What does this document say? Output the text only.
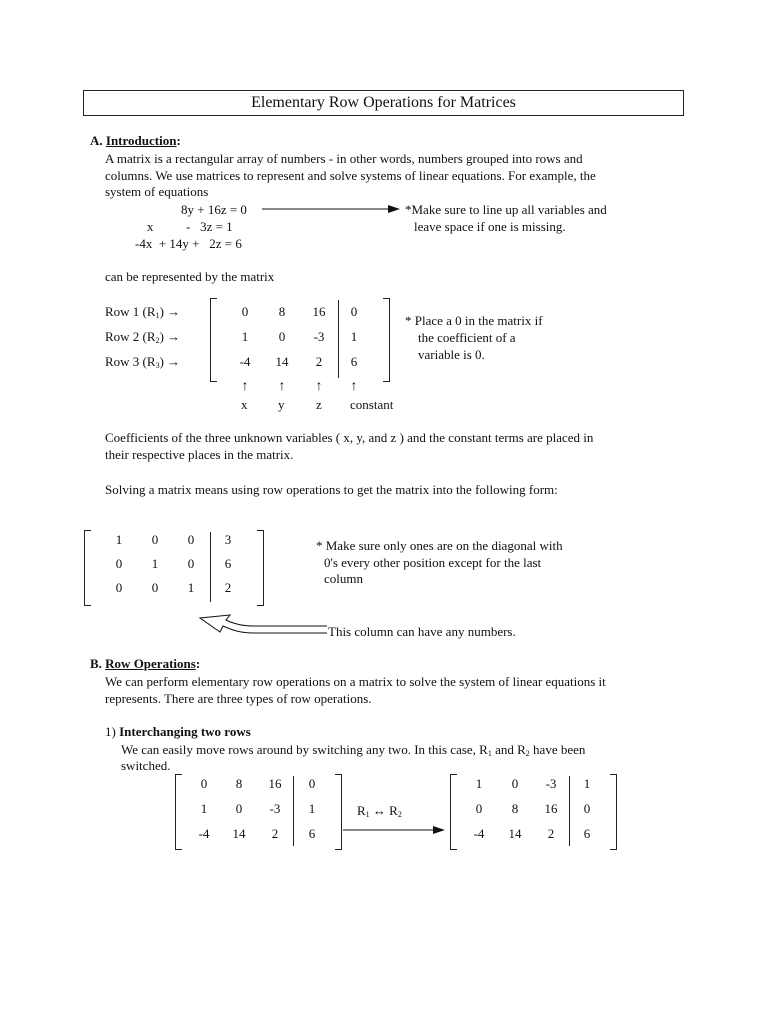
Elementary Row Operations for Matrices
A. Introduction:
A matrix is a rectangular array of numbers - in other words, numbers grouped into rows and
columns. We use matrices to represent and solve systems of linear equations. For example, the
system of equations
8y + 16z = 0
x          -   3z = 1
-4x  + 14y +   2z = 6
*Make sure to line up all variables and
leave space if one is missing.
can be represented by the matrix
Row 1 $(R_1)$ →
Row 2 $(R_2)$ →
Row 3 $(R_3)$ →
0	8	16	0
1	0	-3	1
-4	14	2	6
↑	↑	↑	↑
x y z constant
* Place a 0 in the matrix if
the coefficient of a
variable is 0.
Coefficients of the three unknown variables ( x, y, and z ) and the constant terms are placed in
their respective places in the matrix.
Solving a matrix means using row operations to get the matrix into the following form:
1	0	0	3
0	1	0	6
0	0	1	2
* Make sure only ones are on the diagonal with
0's every other position except for the last
column
This column can have any numbers.
B. Row Operations:
We can perform elementary row operations on a matrix to solve the system of linear equations it
represents. There are three types of row operations.
1) Interchanging two rows
We can easily move rows around by switching any two. In this case, $R_1$ and $R_2$ have been
switched.
0	8	16	0
1	0	-3	1
-4	14	2	6
$R_1$ ↔ $R_2$
1	0	-3	1
0	8	16	0
-4	14	2	6
